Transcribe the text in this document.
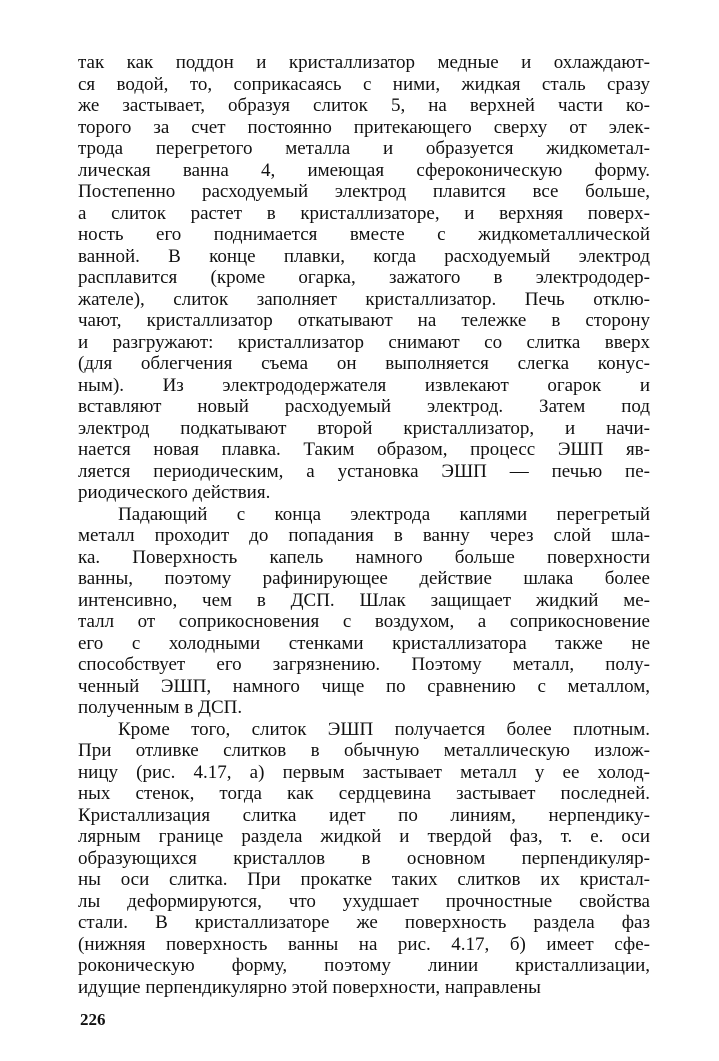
так как поддон и кристаллизатор медные и охлаждают-
ся водой, то, соприкасаясь с ними, жидкая сталь сразу
же застывает, образуя слиток 5, на верхней части ко-
торого за счет постоянно притекающего сверху от элек-
трода перегретого металла и образуется жидкометал-
лическая ванна 4, имеющая сфероконическую форму.
Постепенно расходуемый электрод плавится все больше,
а слиток растет в кристаллизаторе, и верхняя поверх-
ность его поднимается вместе с жидкометаллической
ванной. В конце плавки, когда расходуемый электрод
расплавится (кроме огарка, зажатого в электрододер-
жателе), слиток заполняет кристаллизатор. Печь отклю-
чают, кристаллизатор откатывают на тележке в сторону
и разгружают: кристаллизатор снимают со слитка вверх
(для облегчения съема он выполняется слегка конус-
ным). Из электрододержателя извлекают огарок и
вставляют новый расходуемый электрод. Затем под
электрод подкатывают второй кристаллизатор, и начи-
нается новая плавка. Таким образом, процесс ЭШП яв-
ляется периодическим, а установка ЭШП — печью пе-
риодического действия.
Падающий с конца электрода каплями перегретый
металл проходит до попадания в ванну через слой шла-
ка. Поверхность капель намного больше поверхности
ванны, поэтому рафинирующее действие шлака более
интенсивно, чем в ДСП. Шлак защищает жидкий ме-
талл от соприкосновения с воздухом, а соприкосновение
его с холодными стенками кристаллизатора также не
способствует его загрязнению. Поэтому металл, полу-
ченный ЭШП, намного чище по сравнению с металлом,
полученным в ДСП.
Кроме того, слиток ЭШП получается более плотным.
При отливке слитков в обычную металлическую излож-
ницу (рис. 4.17, а) первым застывает металл у ее холод-
ных стенок, тогда как сердцевина застывает последней.
Кристаллизация слитка идет по линиям, нерпендику-
лярным границе раздела жидкой и твердой фаз, т. е. оси
образующихся кристаллов в основном перпендикуляр-
ны оси слитка. При прокатке таких слитков их кристал-
лы деформируются, что ухудшает прочностные свойства
стали. В кристаллизаторе же поверхность раздела фаз
(нижняя поверхность ванны на рис. 4.17, б) имеет сфе-
роконическую форму, поэтому линии кристаллизации,
идущие перпендикулярно этой поверхности, направлены
226
